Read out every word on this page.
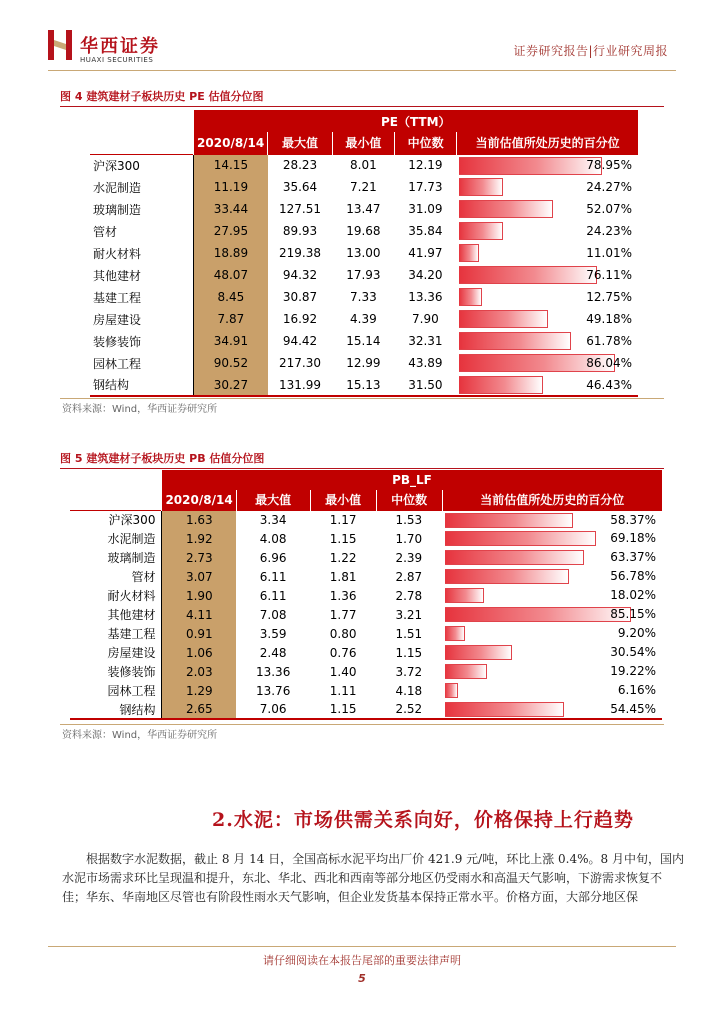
华西证券
HUAXI SECURITIES
证券研究报告|行业研究周报
图 4 建筑建材子板块历史 PE 估值分位图
	PE（TTM）				
	2020/8/14	最大值	最小值	中位数	当前估值所处历史的百分位
沪深300	14.15	28.23	8.01	12.19	78.95%

水泥制造	11.19	35.64	7.21	17.73	24.27%

玻璃制造	33.44	127.51	13.47	31.09	52.07%

管材	27.95	89.93	19.68	35.84	24.23%

耐火材料	18.89	219.38	13.00	41.97	11.01%

其他建材	48.07	94.32	17.93	34.20	76.11%

基建工程	8.45	30.87	7.33	13.36	12.75%

房屋建设	7.87	16.92	4.39	7.90	49.18%

装修装饰	34.91	94.42	15.14	32.31	61.78%

园林工程	90.52	217.30	12.99	43.89	86.04%

钢结构	30.27	131.99	15.13	31.50	46.43%
资料来源：Wind，华西证券研究所
图 5 建筑建材子板块历史 PB 估值分位图
	PB_LF				
	2020/8/14	最大值	最小值	中位数	当前估值所处历史的百分位
沪深300	1.63	3.34	1.17	1.53	58.37%

水泥制造	1.92	4.08	1.15	1.70	69.18%

玻璃制造	2.73	6.96	1.22	2.39	63.37%

管材	3.07	6.11	1.81	2.87	56.78%

耐火材料	1.90	6.11	1.36	2.78	18.02%

其他建材	4.11	7.08	1.77	3.21	85.15%

基建工程	0.91	3.59	0.80	1.51	9.20%

房屋建设	1.06	2.48	0.76	1.15	30.54%

装修装饰	2.03	13.36	1.40	3.72	19.22%

园林工程	1.29	13.76	1.11	4.18	6.16%

钢结构	2.65	7.06	1.15	2.52	54.45%
资料来源：Wind，华西证券研究所
2.水泥：市场供需关系向好，价格保持上行趋势
根据数字水泥数据，截止 8 月 14 日，全国高标水泥平均出厂价 421.9 元/吨，环比上涨 0.4%。8 月中旬，国内水泥市场需求环比呈现温和提升，东北、华北、西北和西南等部分地区仍受雨水和高温天气影响，下游需求恢复不佳；华东、华南地区尽管也有阶段性雨水天气影响，但企业发货基本保持正常水平。价格方面，大部分地区保
请仔细阅读在本报告尾部的重要法律声明
5
